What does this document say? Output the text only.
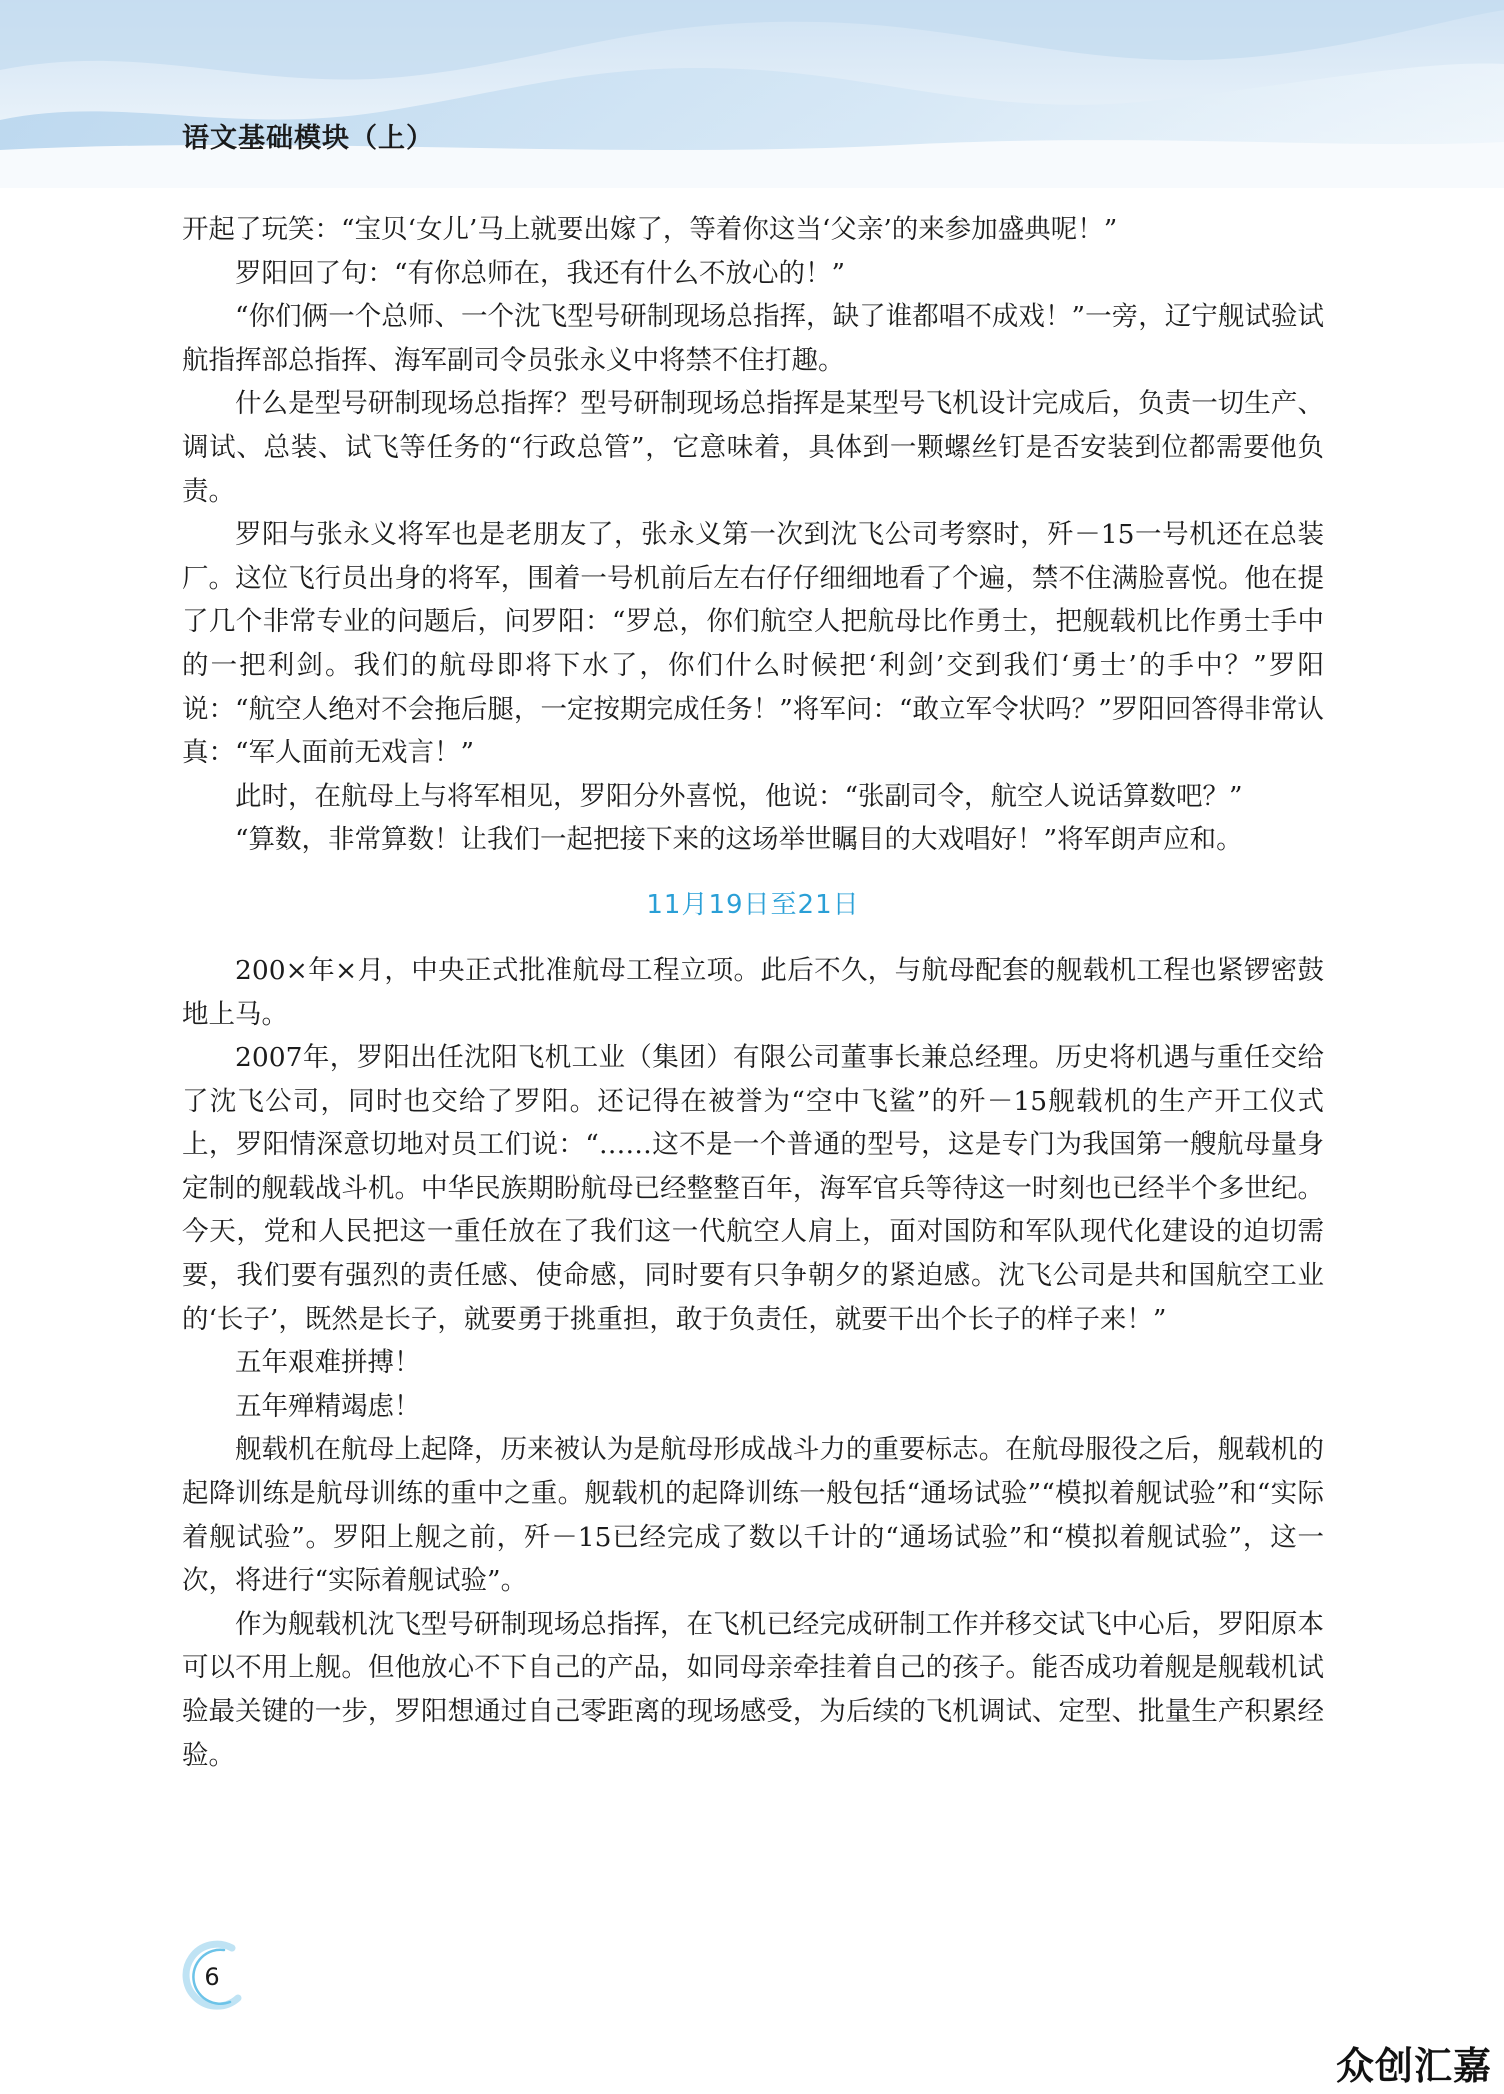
语文基础模块（上）

开起了玩笑：“宝贝‘女儿’马上就要出嫁了，等着你这当‘父亲’的来参加盛典呢！”

罗阳回了句：“有你总师在，我还有什么不放心的！”

“你们俩一个总师、一个沈飞型号研制现场总指挥，缺了谁都唱不成戏！”一旁，辽宁舰试验试航指挥部总指挥、海军副司令员张永义中将禁不住打趣。

什么是型号研制现场总指挥？型号研制现场总指挥是某型号飞机设计完成后，负责一切生产、调试、总装、试飞等任务的“行政总管”，它意味着，具体到一颗螺丝钉是否安装到位都需要他负责。

罗阳与张永义将军也是老朋友了，张永义第一次到沈飞公司考察时，歼－15一号机还在总装厂。这位飞行员出身的将军，围着一号机前后左右仔仔细细地看了个遍，禁不住满脸喜悦。他在提了几个非常专业的问题后，问罗阳：“罗总，你们航空人把航母比作勇士，把舰载机比作勇士手中的一把利剑。我们的航母即将下水了，你们什么时候把‘利剑’交到我们‘勇士’的手中？”罗阳说：“航空人绝对不会拖后腿，一定按期完成任务！”将军问：“敢立军令状吗？”罗阳回答得非常认真：“军人面前无戏言！”

此时，在航母上与将军相见，罗阳分外喜悦，他说：“张副司令，航空人说话算数吧？”

“算数，非常算数！让我们一起把接下来的这场举世瞩目的大戏唱好！”将军朗声应和。

11月19日至21日

200×年×月，中央正式批准航母工程立项。此后不久，与航母配套的舰载机工程也紧锣密鼓地上马。

2007年，罗阳出任沈阳飞机工业（集团）有限公司董事长兼总经理。历史将机遇与重任交给了沈飞公司，同时也交给了罗阳。还记得在被誉为“空中飞鲨”的歼－15舰载机的生产开工仪式上，罗阳情深意切地对员工们说：“……这不是一个普通的型号，这是专门为我国第一艘航母量身定制的舰载战斗机。中华民族期盼航母已经整整百年，海军官兵等待这一时刻也已经半个多世纪。今天，党和人民把这一重任放在了我们这一代航空人肩上，面对国防和军队现代化建设的迫切需要，我们要有强烈的责任感、使命感，同时要有只争朝夕的紧迫感。沈飞公司是共和国航空工业的‘长子’，既然是长子，就要勇于挑重担，敢于负责任，就要干出个长子的样子来！”

五年艰难拼搏！

五年殚精竭虑！

舰载机在航母上起降，历来被认为是航母形成战斗力的重要标志。在航母服役之后，舰载机的起降训练是航母训练的重中之重。舰载机的起降训练一般包括“通场试验”“模拟着舰试验”和“实际着舰试验”。罗阳上舰之前，歼－15已经完成了数以千计的“通场试验”和“模拟着舰试验”，这一次，将进行“实际着舰试验”。

作为舰载机沈飞型号研制现场总指挥，在飞机已经完成研制工作并移交试飞中心后，罗阳原本可以不用上舰。但他放心不下自己的产品，如同母亲牵挂着自己的孩子。能否成功着舰是舰载机试验最关键的一步，罗阳想通过自己零距离的现场感受，为后续的飞机调试、定型、批量生产积累经验。

6
众创汇嘉
